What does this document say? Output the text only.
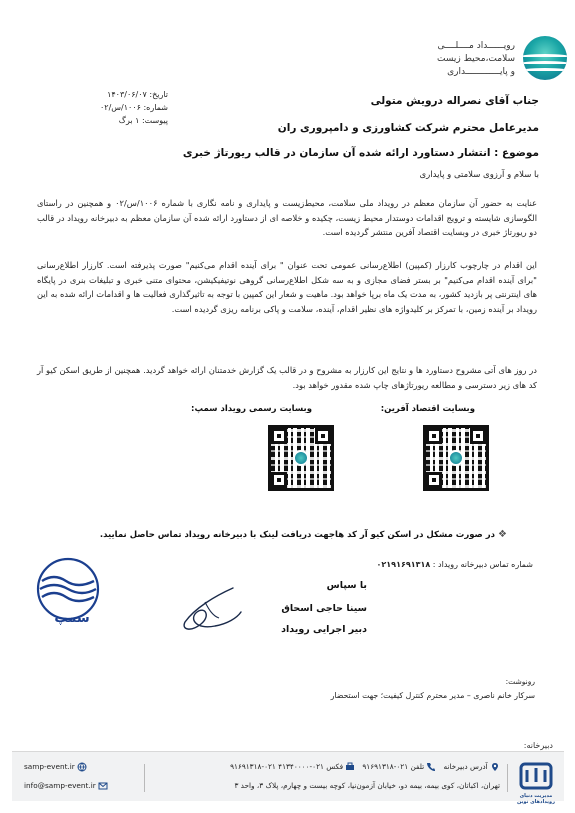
رویــــــداد مــــلــــی
سلامت،محیط زیست
و پایـــــــــــــداری
تاریخ: ۱۴۰۳/۰۶/۰۷
شماره: ۱۰۰۶/س/۰۲
پیوست: ۱ برگ
جناب آقای نصراله درویش متولی
مدیرعامل محترم شرکت کشاورزی و دامپروری ران
موضوع : انتشار دستاورد ارائه شده آن سازمان در قالب ریورتاژ خبری
با سلام و آرزوی سلامتی و پایداری
عنایت به حضور آن سازمان معظم در رویداد ملی سلامت، محیط‌زیست و پایداری و نامه نگاری با شماره ۱۰۰۶/س/۰۲ و همچنین در راستای الگوسازی شایسته و ترویج اقدامات دوستدار محیط زیست، چکیده و خلاصه ای از دستاورد ارائه شده آن سازمان معظم به دبیرخانه رویداد در قالب دو ریورتاژ خبری در وبسایت اقتصاد آفرین منتشر گردیده است.
این اقدام در چارچوب کارزار (کمپین) اطلاع‌رسانی عمومی تحت عنوان " برای آینده اقدام می‌کنیم" صورت پذیرفته است. کارزار اطلاع‌رسانی "برای آینده اقدام می‌کنیم" بر بستر فضای مجازی و به سه شکل اطلاع‌رسانی گروهی نوتیفیکیشن، محتوای متنی خبری و تبلیغات بنری در پایگاه های اینترنتی پر بازدید کشور، به مدت یک ماه برپا خواهد بود. ماهیت و شعار این کمپین با توجه به تاثیرگذاری فعالیت ها و اقدامات ارائه شده به این رویداد بر آینده زمین، با تمرکز بر کلیدواژه های نظیر اقدام، آینده، سلامت و پاکی برنامه ریزی گردیده است.
در روز های آتی مشروح دستاورد ها و نتایج این کارزار به مشروح و در قالب یک گزارش خدمتنان ارائه خواهد گردید. همچنین از طریق اسکن کیو آر کد های زیر دسترسی و مطالعه ریورتاژهای چاپ شده مقدور خواهد بود.
وبسایت اقتصاد آفرین:
وبسایت رسمی رویداد سمپ:
❖
در صورت مشکل در اسکن کیو آر کد هاجهت دریافت لینک با دبیرخانه رویداد تماس حاصل نمایید.
شماره تماس دبیرخانه رویداد : ۰۲۱۹۱۶۹۱۳۱۸
با سپاس
سینا حاجی اسحاق
دبیر اجرایی رویداد
سمپ
رونوشت:
سرکار خانم ناصری – مدیر محترم کنترل کیفیت؛ جهت استحضار
دبیرخانه:
مدیریت دنیای رویدادهای نوین
آدرس دبیرخانه    تلفن ۰۲۱-۹۱۶۹۱۳۱۸    فکس ۰۲۱-۴۱۳۴۰۰۰۰ ۰۲۱-۹۱۶۹۱۳۱۸
تهران، اکباتان، کوی بیمه، بیمه دو، خیابان آزمون‌نیا، کوچه بیست و چهارم، پلاک ۳، واحد ۳
samp-event.ir
info@samp-event.ir
